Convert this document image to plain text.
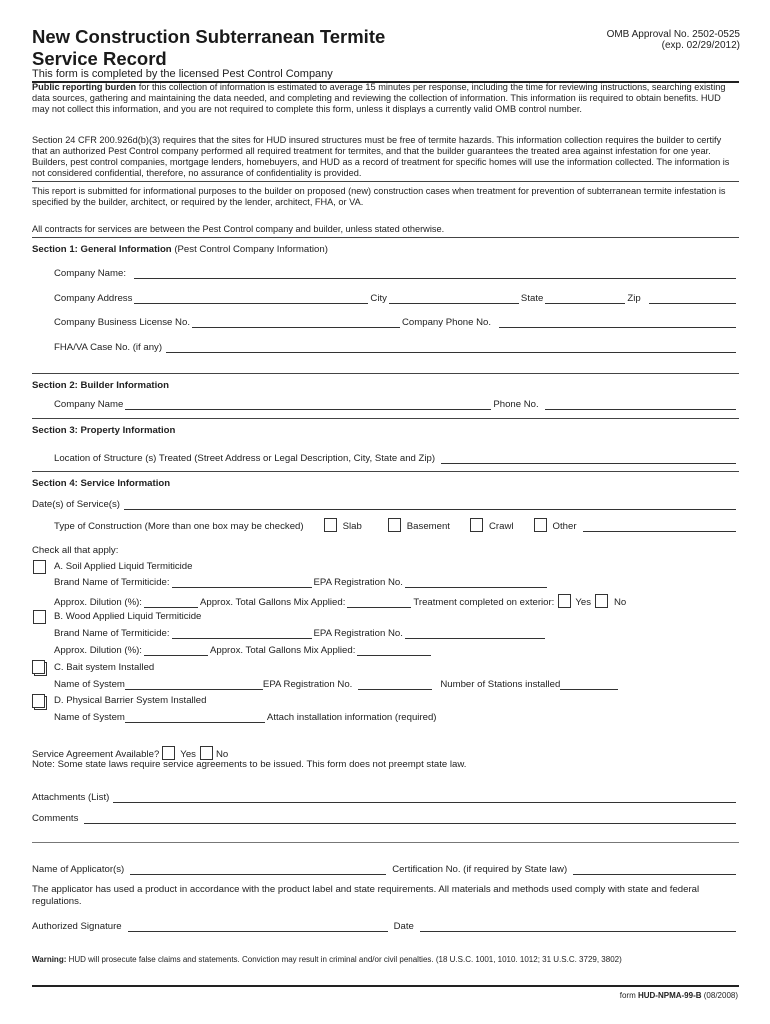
New Construction Subterranean Termite
Service Record
OMB Approval No. 2502-0525
(exp. 02/29/2012)
This form is completed by the licensed Pest Control Company
Public reporting burden for this collection of information is estimated to average 15 minutes per response, including the time for reviewing instructions, searching existing data sources, gathering and maintaining the data needed, and completing and reviewing the collection of information. This information iis required to obtain benefits. HUD may not collect this information, and you are not required to complete this form, unless it displays a currently valid OMB control number.
Section 24 CFR 200.926d(b)(3) requires that the sites for HUD insured structures must be free of termite hazards. This information collection requires the builder to certify that an authorized Pest Control company performed all required treatment for termites, and that the builder guarantees the treated area against infestation for one year. Builders, pest control companies, mortgage lenders, homebuyers, and HUD as a record of treatment for specific homes will use the information collected. The information is not considered confidential, therefore, no assurance of confidentiality is provided.
This report is submitted for informational purposes to the builder on proposed (new) construction cases when treatment for prevention of subterranean termite infestation is specified by the builder, architect, or required by the lender, architect, FHA, or VA.
All contracts for services are between the Pest Control company and builder, unless stated otherwise.
Section 1: General Information (Pest Control Company Information)
Company Name:
Company Address	City	State	Zip
Company Business License No.	Company Phone No.
FHA/VA Case No. (if any)
Section 2: Builder Information
Company Name	Phone No.
Section 3: Property Information
Location of Structure (s) Treated (Street Address or Legal Description, City, State and Zip)
Section 4: Service Information
Date(s) of Service(s)
Type of Construction (More than one box may be checked)	Slab	Basement	Crawl	Other
Check all that apply:
A. Soil Applied Liquid Termiticide
Brand Name of Termiticide:	EPA Registration No.
Approx. Dilution (%):	Approx. Total Gallons Mix Applied:	Treatment completed on exterior: Yes No
B. Wood Applied Liquid Termiticide
Brand Name of Termiticide:	EPA Registration No.
Approx. Dilution (%):	Approx. Total Gallons Mix Applied:
C. Bait system Installed
Name of System	EPA Registration No.	Number of Stations installed
D. Physical Barrier System Installed
Name of System	Attach installation information (required)
Service Agreement Available? Yes No
Note: Some state laws require service agreements to be issued. This form does not preempt state law.
Attachments (List)
Comments
Name of Applicator(s)	Certification No. (if required by State law)
The applicator has used a product in accordance with the product label and state requirements. All materials and methods used comply with state and federal regulations.
Authorized Signature	Date
Warning: HUD will prosecute false claims and statements. Conviction may result in criminal and/or civil penalties. (18 U.S.C. 1001, 1010. 1012; 31 U.S.C. 3729, 3802)
form HUD-NPMA-99-B (08/2008)
